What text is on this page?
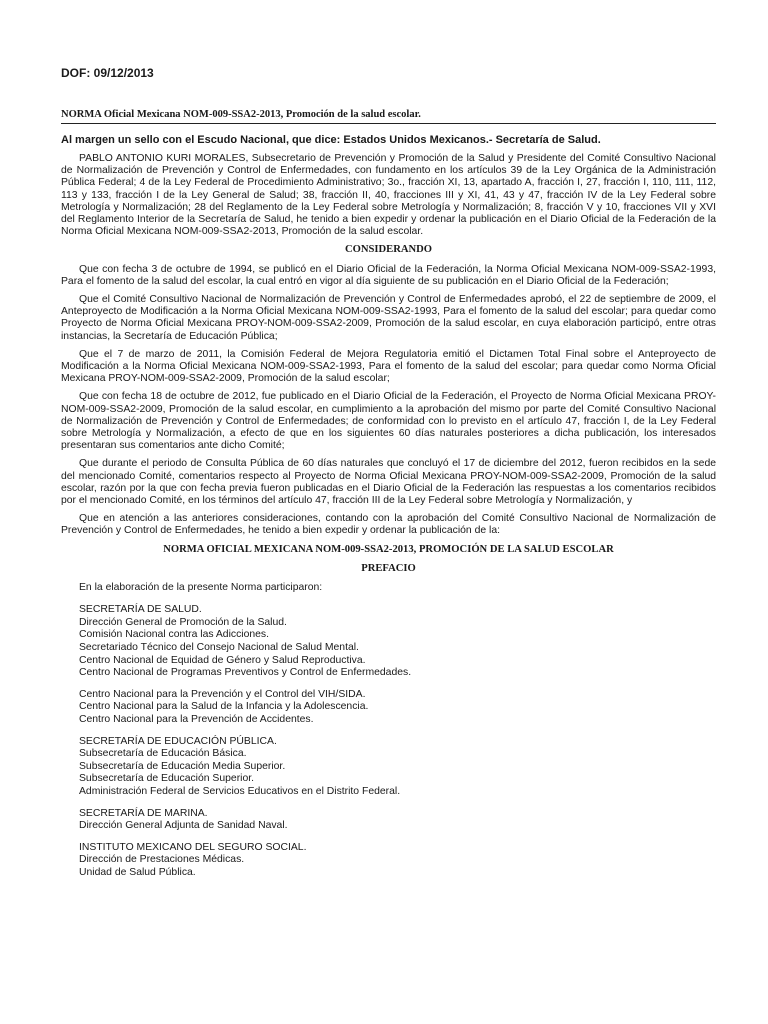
DOF: 09/12/2013
NORMA Oficial Mexicana NOM-009-SSA2-2013, Promoción de la salud escolar.
Al margen un sello con el Escudo Nacional, que dice: Estados Unidos Mexicanos.- Secretaría de Salud.

PABLO ANTONIO KURI MORALES, Subsecretario de Prevención y Promoción de la Salud y Presidente del Comité Consultivo Nacional de Normalización de Prevención y Control de Enfermedades, con fundamento en los artículos 39 de la Ley Orgánica de la Administración Pública Federal; 4 de la Ley Federal de Procedimiento Administrativo; 3o., fracción XI, 13, apartado A, fracción I, 27, fracción I, 110, 111, 112, 113 y 133, fracción I de la Ley General de Salud; 38, fracción II, 40, fracciones III y XI, 41, 43 y 47, fracción IV de la Ley Federal sobre Metrología y Normalización; 28 del Reglamento de la Ley Federal sobre Metrología y Normalización; 8, fracción V y 10, fracciones VII y XVI del Reglamento Interior de la Secretaría de Salud, he tenido a bien expedir y ordenar la publicación en el Diario Oficial de la Federación de la Norma Oficial Mexicana NOM-009-SSA2-2013, Promoción de la salud escolar.

CONSIDERANDO

Que con fecha 3 de octubre de 1994, se publicó en el Diario Oficial de la Federación, la Norma Oficial Mexicana NOM-009-SSA2-1993, Para el fomento de la salud del escolar, la cual entró en vigor al día siguiente de su publicación en el Diario Oficial de la Federación;

Que el Comité Consultivo Nacional de Normalización de Prevención y Control de Enfermedades aprobó, el 22 de septiembre de 2009, el Anteproyecto de Modificación a la Norma Oficial Mexicana NOM-009-SSA2-1993, Para el fomento de la salud del escolar; para quedar como Proyecto de Norma Oficial Mexicana PROY-NOM-009-SSA2-2009, Promoción de la salud escolar, en cuya elaboración participó, entre otras instancias, la Secretaría de Educación Pública;

Que el 7 de marzo de 2011, la Comisión Federal de Mejora Regulatoria emitió el Dictamen Total Final sobre el Anteproyecto de Modificación a la Norma Oficial Mexicana NOM-009-SSA2-1993, Para el fomento de la salud del escolar; para quedar como Norma Oficial Mexicana PROY-NOM-009-SSA2-2009, Promoción de la salud escolar;

Que con fecha 18 de octubre de 2012, fue publicado en el Diario Oficial de la Federación, el Proyecto de Norma Oficial Mexicana PROY-NOM-009-SSA2-2009, Promoción de la salud escolar, en cumplimiento a la aprobación del mismo por parte del Comité Consultivo Nacional de Normalización de Prevención y Control de Enfermedades; de conformidad con lo previsto en el artículo 47, fracción I, de la Ley Federal sobre Metrología y Normalización, a efecto de que en los siguientes 60 días naturales posteriores a dicha publicación, los interesados presentaran sus comentarios ante dicho Comité;

Que durante el periodo de Consulta Pública de 60 días naturales que concluyó el 17 de diciembre del 2012, fueron recibidos en la sede del mencionado Comité, comentarios respecto al Proyecto de Norma Oficial Mexicana PROY-NOM-009-SSA2-2009, Promoción de la salud escolar, razón por la que con fecha previa fueron publicadas en el Diario Oficial de la Federación las respuestas a los comentarios recibidos por el mencionado Comité, en los términos del artículo 47, fracción III de la Ley Federal sobre Metrología y Normalización, y

Que en atención a las anteriores consideraciones, contando con la aprobación del Comité Consultivo Nacional de Normalización de Prevención y Control de Enfermedades, he tenido a bien expedir y ordenar la publicación de la:

NORMA OFICIAL MEXICANA NOM-009-SSA2-2013, PROMOCIÓN DE LA SALUD ESCOLAR
PREFACIO
En la elaboración de la presente Norma participaron:
SECRETARÍA DE SALUD.
Dirección General de Promoción de la Salud.
Comisión Nacional contra las Adicciones.
Secretariado Técnico del Consejo Nacional de Salud Mental.
Centro Nacional de Equidad de Género y Salud Reproductiva.
Centro Nacional de Programas Preventivos y Control de Enfermedades.
Centro Nacional para la Prevención y el Control del VIH/SIDA.
Centro Nacional para la Salud de la Infancia y la Adolescencia.
Centro Nacional para la Prevención de Accidentes.
SECRETARÍA DE EDUCACIÓN PÚBLICA.
Subsecretaría de Educación Básica.
Subsecretaría de Educación Media Superior.
Subsecretaría de Educación Superior.
Administración Federal de Servicios Educativos en el Distrito Federal.
SECRETARÍA DE MARINA.
Dirección General Adjunta de Sanidad Naval.
INSTITUTO MEXICANO DEL SEGURO SOCIAL.
Dirección de Prestaciones Médicas.
Unidad de Salud Pública.
